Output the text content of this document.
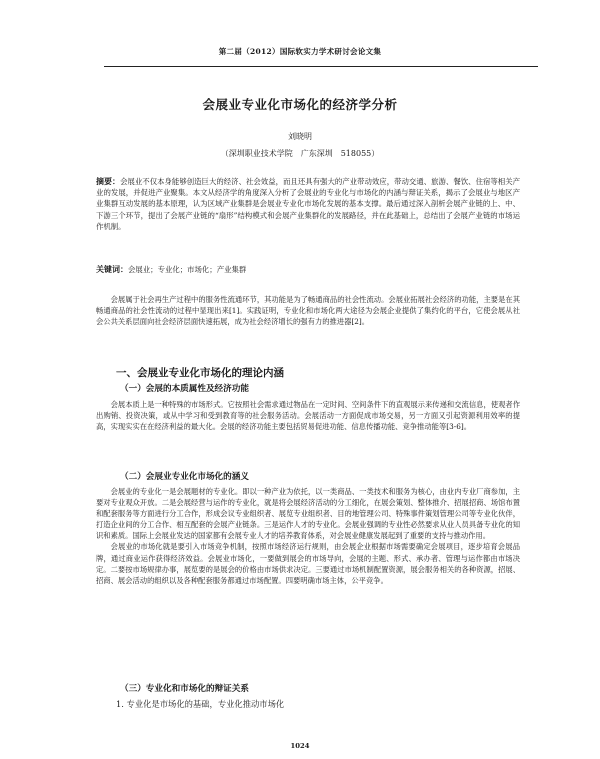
第二届（2012）国际软实力学术研讨会论文集
会展业专业化市场化的经济学分析
刘晓明
（深圳职业技术学院　广东深圳　518055）
摘要：会展业不仅本身能够创造巨大的经济、社会效益，而且还具有强大的产业带动效应，带动交通、旅游、餐饮、住宿等相关产业的发展，并促进产业聚集。本文从经济学的角度深入分析了会展业的专业化与市场化的内涵与辩证关系，揭示了会展业与地区产业集群互动发展的基本原理，认为区域产业集群是会展业专业化市场化发展的基本支撑。最后通过深入剖析会展产业链的上、中、下游三个环节，提出了会展产业链的“扇形”结构模式和会展产业集群化的发展路径，并在此基础上，总结出了会展产业链的市场运作机制。
关键词：会展业；专业化；市场化；产业集群

会展属于社会再生产过程中的服务性流通环节，其功能是为了畅通商品的社会性流动。会展业拓展社会经济的功能，主要是在其畅通商品的社会性流动的过程中显现出来[1]。实践证明，专业化和市场化两大途径为会展企业提供了集约化的平台，它使会展从社会公共关系层面向社会经济层面快速拓展，成为社会经济增长的强有力的推进器[2]。

一、会展业专业化市场化的理论内涵
（一）会展的本质属性及经济功能

会展本质上是一种特殊的市场形式。它按照社会需求通过物品在一定时间、空间条件下的直观展示来传递和交流信息，使观者作出购销、投资决策，或从中学习和受到教育等的社会服务活动。会展活动一方面促成市场交易，另一方面又引起资源利用效率的提高，实现实实在在经济利益的最大化。会展的经济功能主要包括贸易促进功能、信息传播功能、竞争推动能等[3-6]。

（二）会展业专业化市场化的涵义

会展业的专业化一是会展题材的专业化。即以一种产业为依托，以一类商品、一类技术和服务为核心，由业内专业厂商参加，主要对专业观众开放。二是会展经营与运作的专业化，就是将会展经济活动的分工细化，在展会策划、整体推介、招展招商、场馆布置和配套服务等方面进行分工合作，形成会议专业组织者、展览专业组织者、目的地管理公司、特殊事件策划管理公司等专业化伙伴，打造企业间的分工合作、相互配套的会展产业链条。三是运作人才的专业化。会展业强调的专业性必然要求从业人员具备专业化的知识和素质。国际上会展业发达的国家都有会展专业人才的培养教育体系，对会展业健康发展起到了重要的支持与推动作用。

会展业的市场化就是要引入市场竞争机制，按照市场经济运行规则，由会展企业根据市场需要确定会展项目，逐步培育会展品牌，通过商业运作获得经济效益。会展业市场化，一要做到展会的市场导向，会展的主题、形式、承办者、管理与运作都由市场决定。二要按市场规律办事，展览要的是展会的价格由市场供求决定。三要通过市场机制配置资源，展会服务相关的各种资源，招展、招商、展会活动的组织以及各种配套服务都通过市场配置。四要明确市场主体，公平竞争。

（三）专业化和市场化的辩证关系
1. 专业化是市场化的基础，专业化推动市场化
1024
